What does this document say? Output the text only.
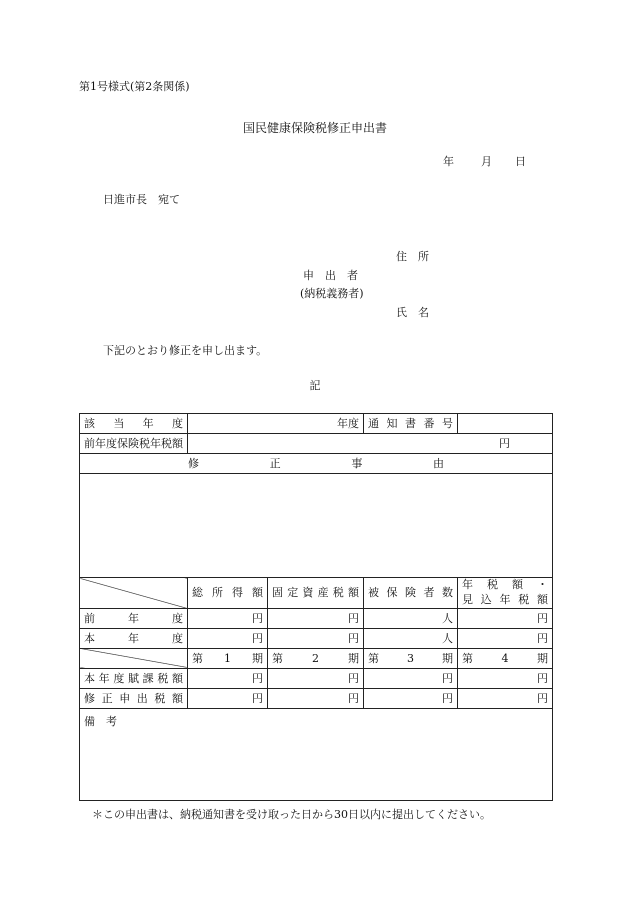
第1号様式(第2条関係)
国民健康保険税修正申出書
年 月 日
日進市長　宛て
住　所
申　出　者
(納税義務者)
氏　名
下記のとおり修正を申し出ます。
記
該当年度	年度		通知書番号	

前年度保険税年税額	円			

修正事由				

	総所得額	固定資産税額	被保険者数	年税額・
見込年税額

前年度	円	円	人	円

本年度	円	円	人	円

	第1期	第2期	第3期	第4期

本年度賦課税額	円	円	円	円

修正申出税額	円	円	円	円
備　考				
＊この申出書は、納税通知書を受け取った日から30日以内に提出してください。
